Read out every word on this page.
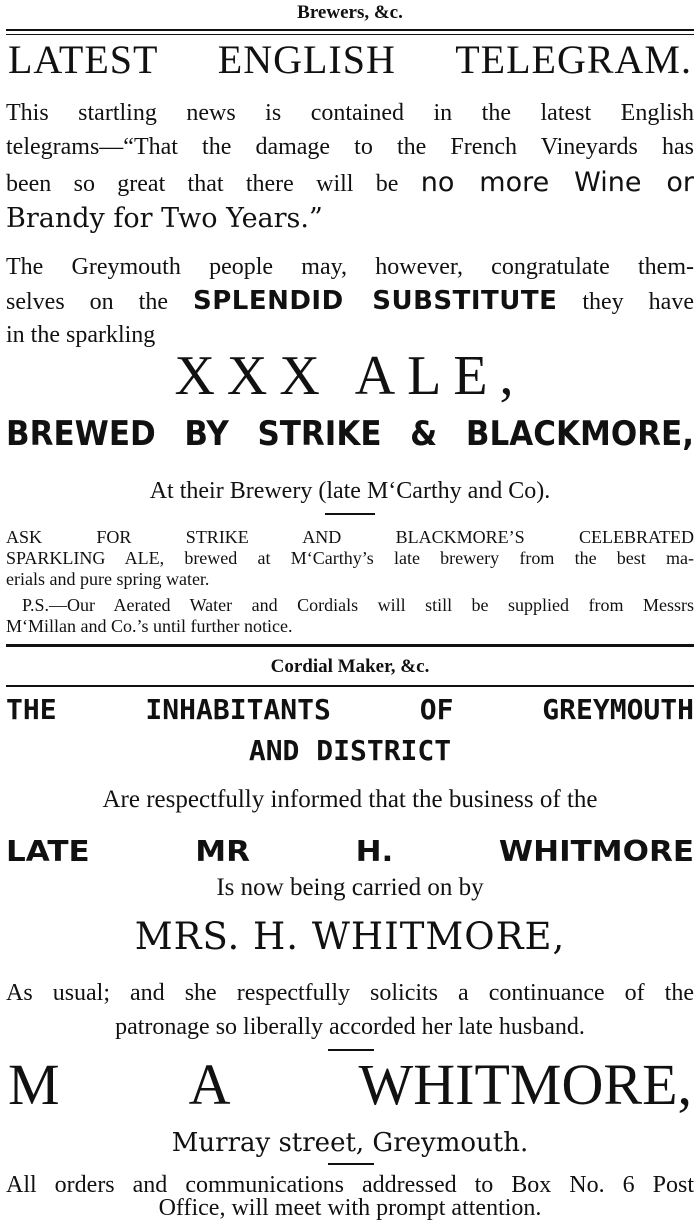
Brewers, &c.

LATEST ENGLISH TELEGRAM.

This startling news is contained in the latest English

telegrams—“That the damage to the French Vineyards has

been so great that there will be no more Wine or

Brandy for Two Years.”

The Greymouth people may, however, congratulate them-

selves on the SPLENDID SUBSTITUTE they have

in the sparkling

XXX ALE,

BREWED BY STRIKE & BLACKMORE,

At their Brewery (late M‘Carthy and Co).

ASK FOR STRIKE AND BLACKMORE’S CELEBRATED

SPARKLING ALE, brewed at M‘Carthy’s late brewery from the best ma-

erials and pure spring water.

P.S.—Our Aerated Water and Cordials will still be supplied from Messrs

M‘Millan and Co.’s until further notice.

Cordial Maker, &c.

THE INHABITANTS OF GREYMOUTH

AND DISTRICT

Are respectfully informed that the business of the

LATE MR H. WHITMORE

Is now being carried on by

MRS. H. WHITMORE,

As usual; and she respectfully solicits a continuance of the

patronage so liberally accorded her late husband.

M A WHITMORE,

Murray street, Greymouth.

All orders and communications addressed to Box No. 6 Post

Office, will meet with prompt attention.
